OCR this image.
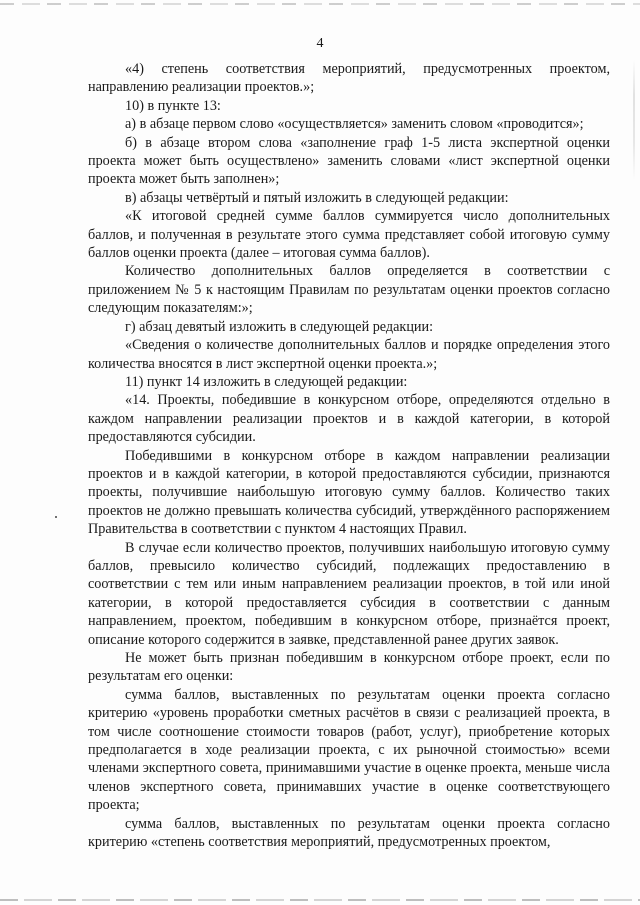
4

«4) степень соответствия мероприятий, предусмотренных проектом, направлению реализации проектов.»;

10) в пункте 13:

а) в абзаце первом слово «осуществляется» заменить словом «проводится»;

б) в абзаце втором слова «заполнение граф 1-5 листа экспертной оценки проекта может быть осуществлено» заменить словами «лист экспертной оценки проекта может быть заполнен»;

в) абзацы четвёртый и пятый изложить в следующей редакции:

«К итоговой средней сумме баллов суммируется число дополнительных баллов, и полученная в результате этого сумма представляет собой итоговую сумму баллов оценки проекта (далее – итоговая сумма баллов).

Количество дополнительных баллов определяется в соответствии с приложением № 5 к настоящим Правилам по результатам оценки проектов согласно следующим показателям:»;

г) абзац девятый изложить в следующей редакции:

«Сведения о количестве дополнительных баллов и порядке определения этого количества вносятся в лист экспертной оценки проекта.»;

11) пункт 14 изложить в следующей редакции:

«14. Проекты, победившие в конкурсном отборе, определяются отдельно в каждом направлении реализации проектов и в каждой категории, в которой предоставляются субсидии.

Победившими в конкурсном отборе в каждом направлении реализации проектов и в каждой категории, в которой предоставляются субсидии, признаются проекты, получившие наибольшую итоговую сумму баллов. Количество таких проектов не должно превышать количества субсидий, утверждённого распоряжением Правительства в соответствии с пунктом 4 настоящих Правил.

В случае если количество проектов, получивших наибольшую итоговую сумму баллов, превысило количество субсидий, подлежащих предоставлению в соответствии с тем или иным направлением реализации проектов, в той или иной категории, в которой предоставляется субсидия в соответствии с данным направлением, проектом, победившим в конкурсном отборе, признаётся проект, описание которого содержится в заявке, представленной ранее других заявок.

Не может быть признан победившим в конкурсном отборе проект, если по результатам его оценки:

сумма баллов, выставленных по результатам оценки проекта согласно критерию «уровень проработки сметных расчётов в связи с реализацией проекта, в том числе соотношение стоимости товаров (работ, услуг), приобретение которых предполагается в ходе реализации проекта, с их рыночной стоимостью» всеми членами экспертного совета, принимавшими участие в оценке проекта, меньше числа членов экспертного совета, принимавших участие в оценке соответствующего проекта;

сумма баллов, выставленных по результатам оценки проекта согласно критерию «степень соответствия мероприятий, предусмотренных проектом,
